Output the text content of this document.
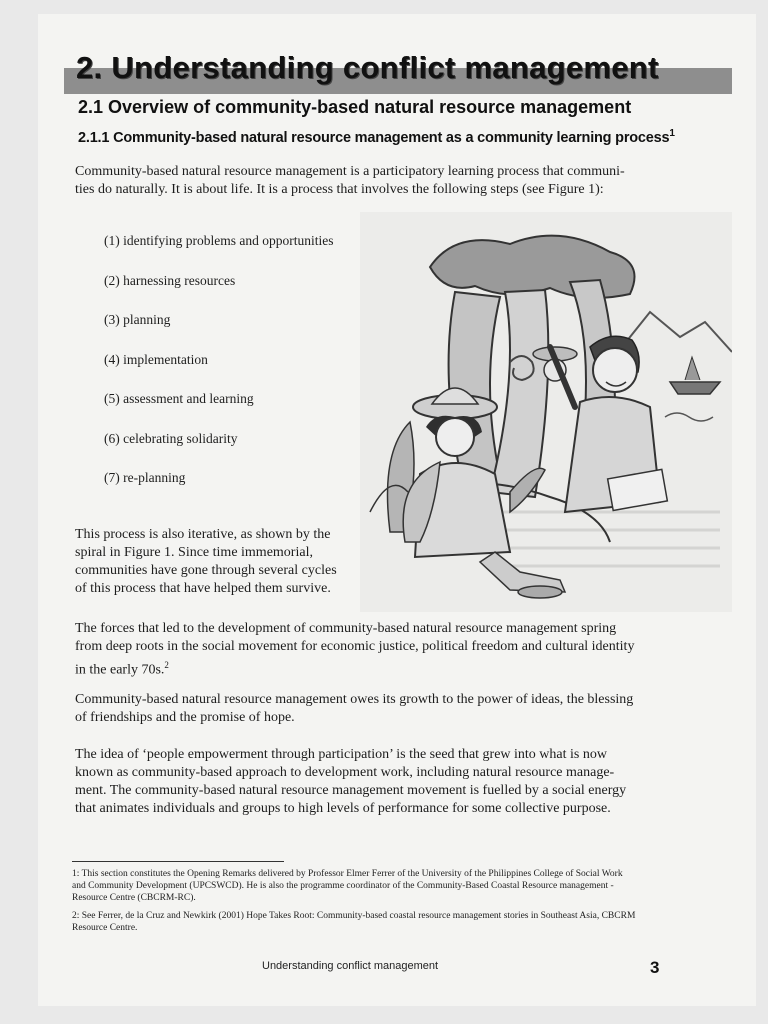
2. Understanding conflict management
2.1 Overview of community-based natural resource management
2.1.1 Community-based natural resource management as a community learning process$^1$

Community-based natural resource management is a participatory learning process that communi-
ties do naturally. It is about life. It is a process that involves the following steps (see Figure 1):

(1) identifying problems and opportunities
(2) harnessing resources
(3) planning
(4) implementation
(5) assessment and learning
(6) celebrating solidarity
(7) re-planning

This process is also iterative, as shown by the
spiral in Figure 1. Since time immemorial,
communities have gone through several cycles
of this process that have helped them survive.

The forces that led to the development of community-based natural resource management spring
from deep roots in the social movement for economic justice, political freedom and cultural identity
in the early 70s.$^2$

Community-based natural resource management owes its growth to the power of ideas, the blessing
of friendships and the promise of hope.

The idea of ‘people empowerment through participation’ is the seed that grew into what is now
known as community-based approach to development work, including natural resource manage-
ment. The community-based natural resource management movement is fuelled by a social energy
that animates individuals and groups to high levels of performance for some collective purpose.

1: This section constitutes the Opening Remarks delivered by Professor Elmer Ferrer of the University of the Philippines College of Social Work
and Community Development (UPCSWCD). He is also the programme coordinator of the Community-Based Coastal Resource management -
Resource Centre (CBCRM-RC).

2: See Ferrer, de la Cruz and Newkirk (2001) Hope Takes Root: Community-based coastal resource management stories in Southeast Asia, CBCRM
Resource Centre.

Understanding conflict management	3
